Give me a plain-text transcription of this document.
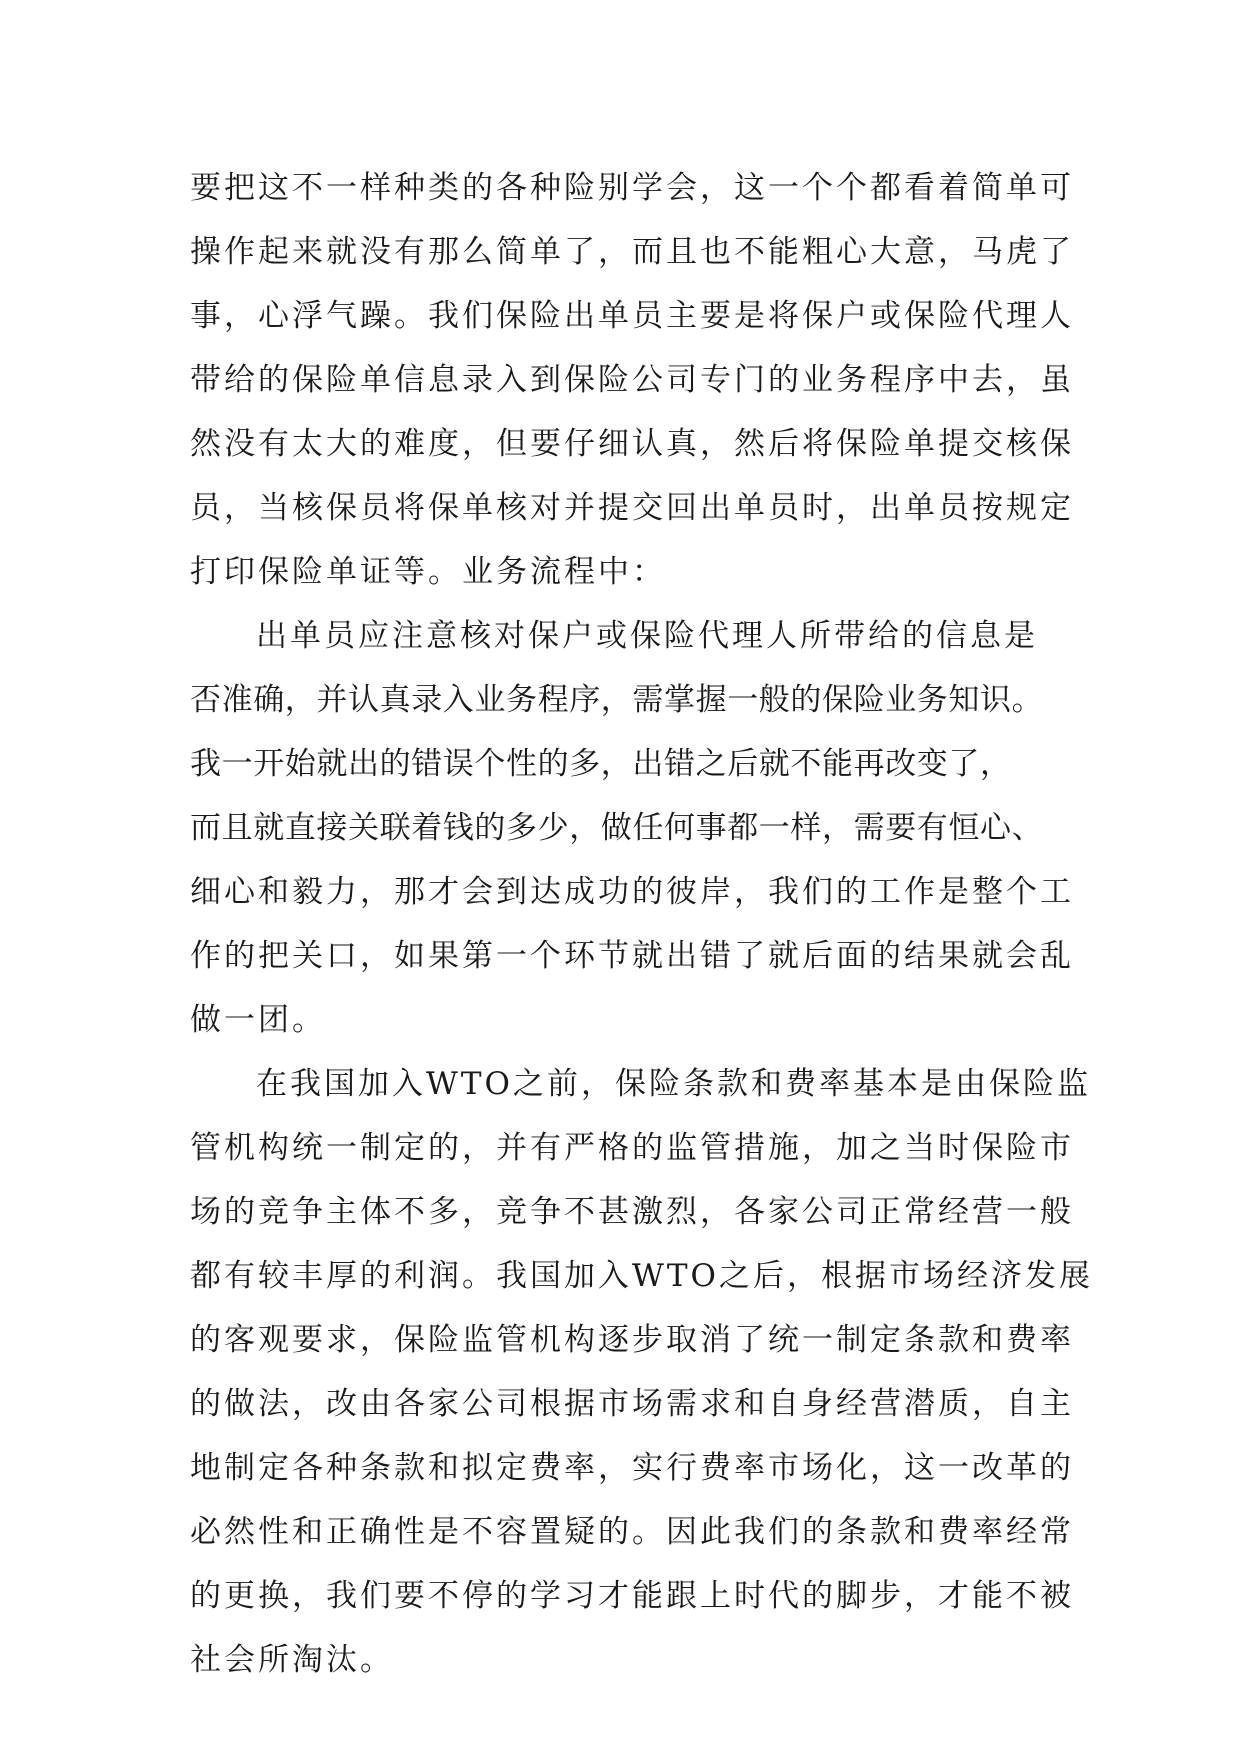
要把这不一样种类的各种险别学会，这一个个都看着简单可
操作起来就没有那么简单了，而且也不能粗心大意，马虎了
事，心浮气躁。我们保险出单员主要是将保户或保险代理人
带给的保险单信息录入到保险公司专门的业务程序中去，虽
然没有太大的难度，但要仔细认真，然后将保险单提交核保
员，当核保员将保单核对并提交回出单员时，出单员按规定
打印保险单证等。业务流程中：
出单员应注意核对保户或保险代理人所带给的信息是
否准确，并认真录入业务程序，需掌握一般的保险业务知识。
我一开始就出的错误个性的多，出错之后就不能再改变了，
而且就直接关联着钱的多少，做任何事都一样，需要有恒心、
细心和毅力，那才会到达成功的彼岸，我们的工作是整个工
作的把关口，如果第一个环节就出错了就后面的结果就会乱
做一团。
在我国加入WTO之前，保险条款和费率基本是由保险监
管机构统一制定的，并有严格的监管措施，加之当时保险市
场的竞争主体不多，竞争不甚激烈，各家公司正常经营一般
都有较丰厚的利润。我国加入WTO之后，根据市场经济发展
的客观要求，保险监管机构逐步取消了统一制定条款和费率
的做法，改由各家公司根据市场需求和自身经营潜质，自主
地制定各种条款和拟定费率，实行费率市场化，这一改革的
必然性和正确性是不容置疑的。因此我们的条款和费率经常
的更换，我们要不停的学习才能跟上时代的脚步，才能不被
社会所淘汰。
